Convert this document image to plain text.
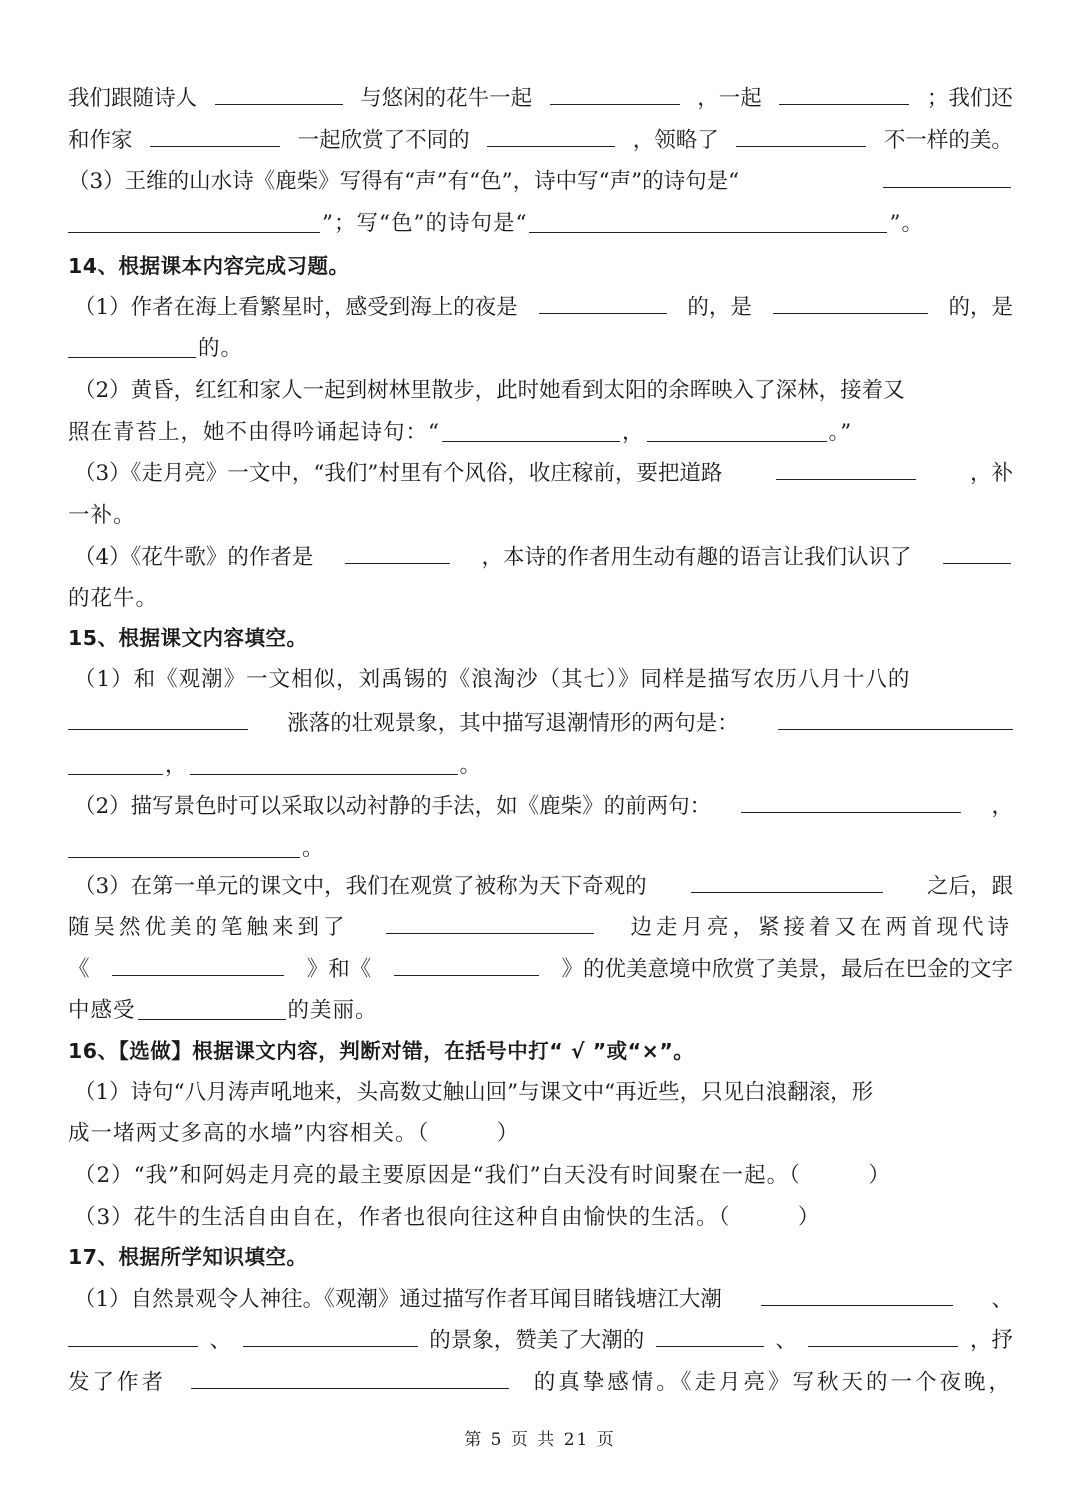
我们跟随诗人	与悠闲的花牛一起	，一起	；我们还
和作家	一起欣赏了不同的	，领略了	不一样的美。
（3）王维的山水诗《鹿柴》写得有“声”有“色”，诗中写“声”的诗句是“
”；写“色”的诗句是“	”。
14、根据课本内容完成习题。
（1）作者在海上看繁星时，感受到海上的夜是	的，是	的，是
的。
（2）黄昏，红红和家人一起到树林里散步，此时她看到太阳的余晖映入了深林，接着又
照在青苔上，她不由得吟诵起诗句：“	，	。”
（3）《走月亮》一文中，“我们”村里有个风俗，收庄稼前，要把道路	，补
一补。
（4）《花牛歌》的作者是	，本诗的作者用生动有趣的语言让我们认识了
的花牛。
15、根据课文内容填空。
（1）和《观潮》一文相似，刘禹锡的《浪淘沙（其七）》同样是描写农历八月十八的
涨落的壮观景象，其中描写退潮情形的两句是：
，	。
（2）描写景色时可以采取以动衬静的手法，如《鹿柴》的前两句：	，
。
（3）在第一单元的课文中，我们在观赏了被称为天下奇观的	之后，跟
随吴然优美的笔触来到了	边走月亮，紧接着又在两首现代诗
《	》和《	》的优美意境中欣赏了美景，最后在巴金的文字
中感受	的美丽。
16、【选做】根据课文内容，判断对错，在括号中打“ √ ”或“×”。
（1）诗句“八月涛声吼地来，头高数丈触山回”与课文中“再近些，只见白浪翻滚，形
成一堵两丈多高的水墙”内容相关。（　　　）
（2）“我”和阿妈走月亮的最主要原因是“我们”白天没有时间聚在一起。（　　　）
（3）花牛的生活自由自在，作者也很向往这种自由愉快的生活。（　　　）
17、根据所学知识填空。
（1）自然景观令人神往。《观潮》通过描写作者耳闻目睹钱塘江大潮	、
、	的景象，赞美了大潮的	、	，抒
发了作者	的真挚感情。《走月亮》写秋天的一个夜晚，
第 5 页 共 21 页
